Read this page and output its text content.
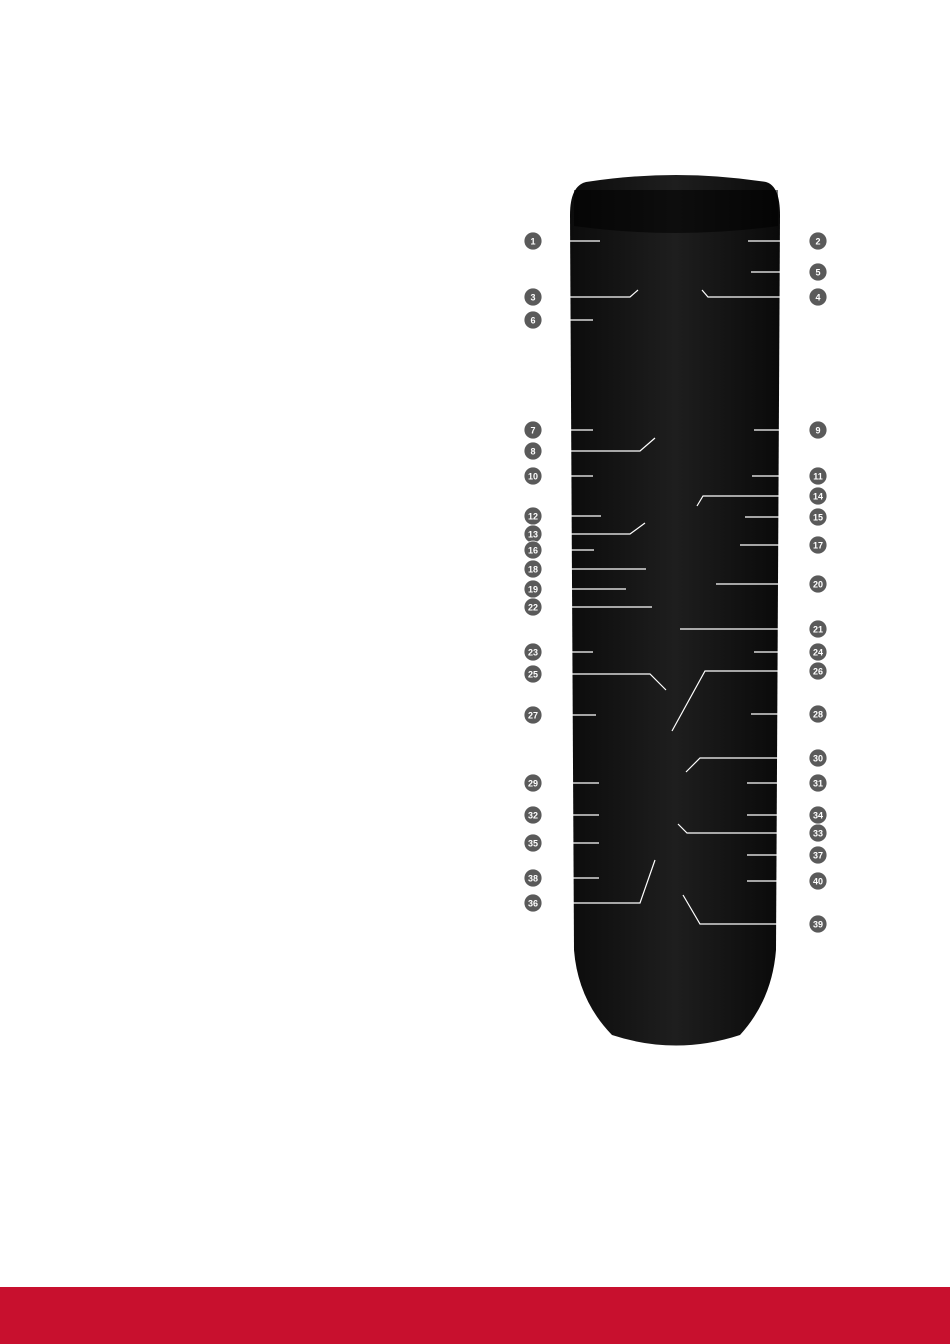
1	2
3	4
5
6
7
8
9
10	11
12
13
14
15
16	17
18
19	20
21
22
23	24
25	26
27	28
29
30
31
32
33
34
35
36
37
38
39
40
